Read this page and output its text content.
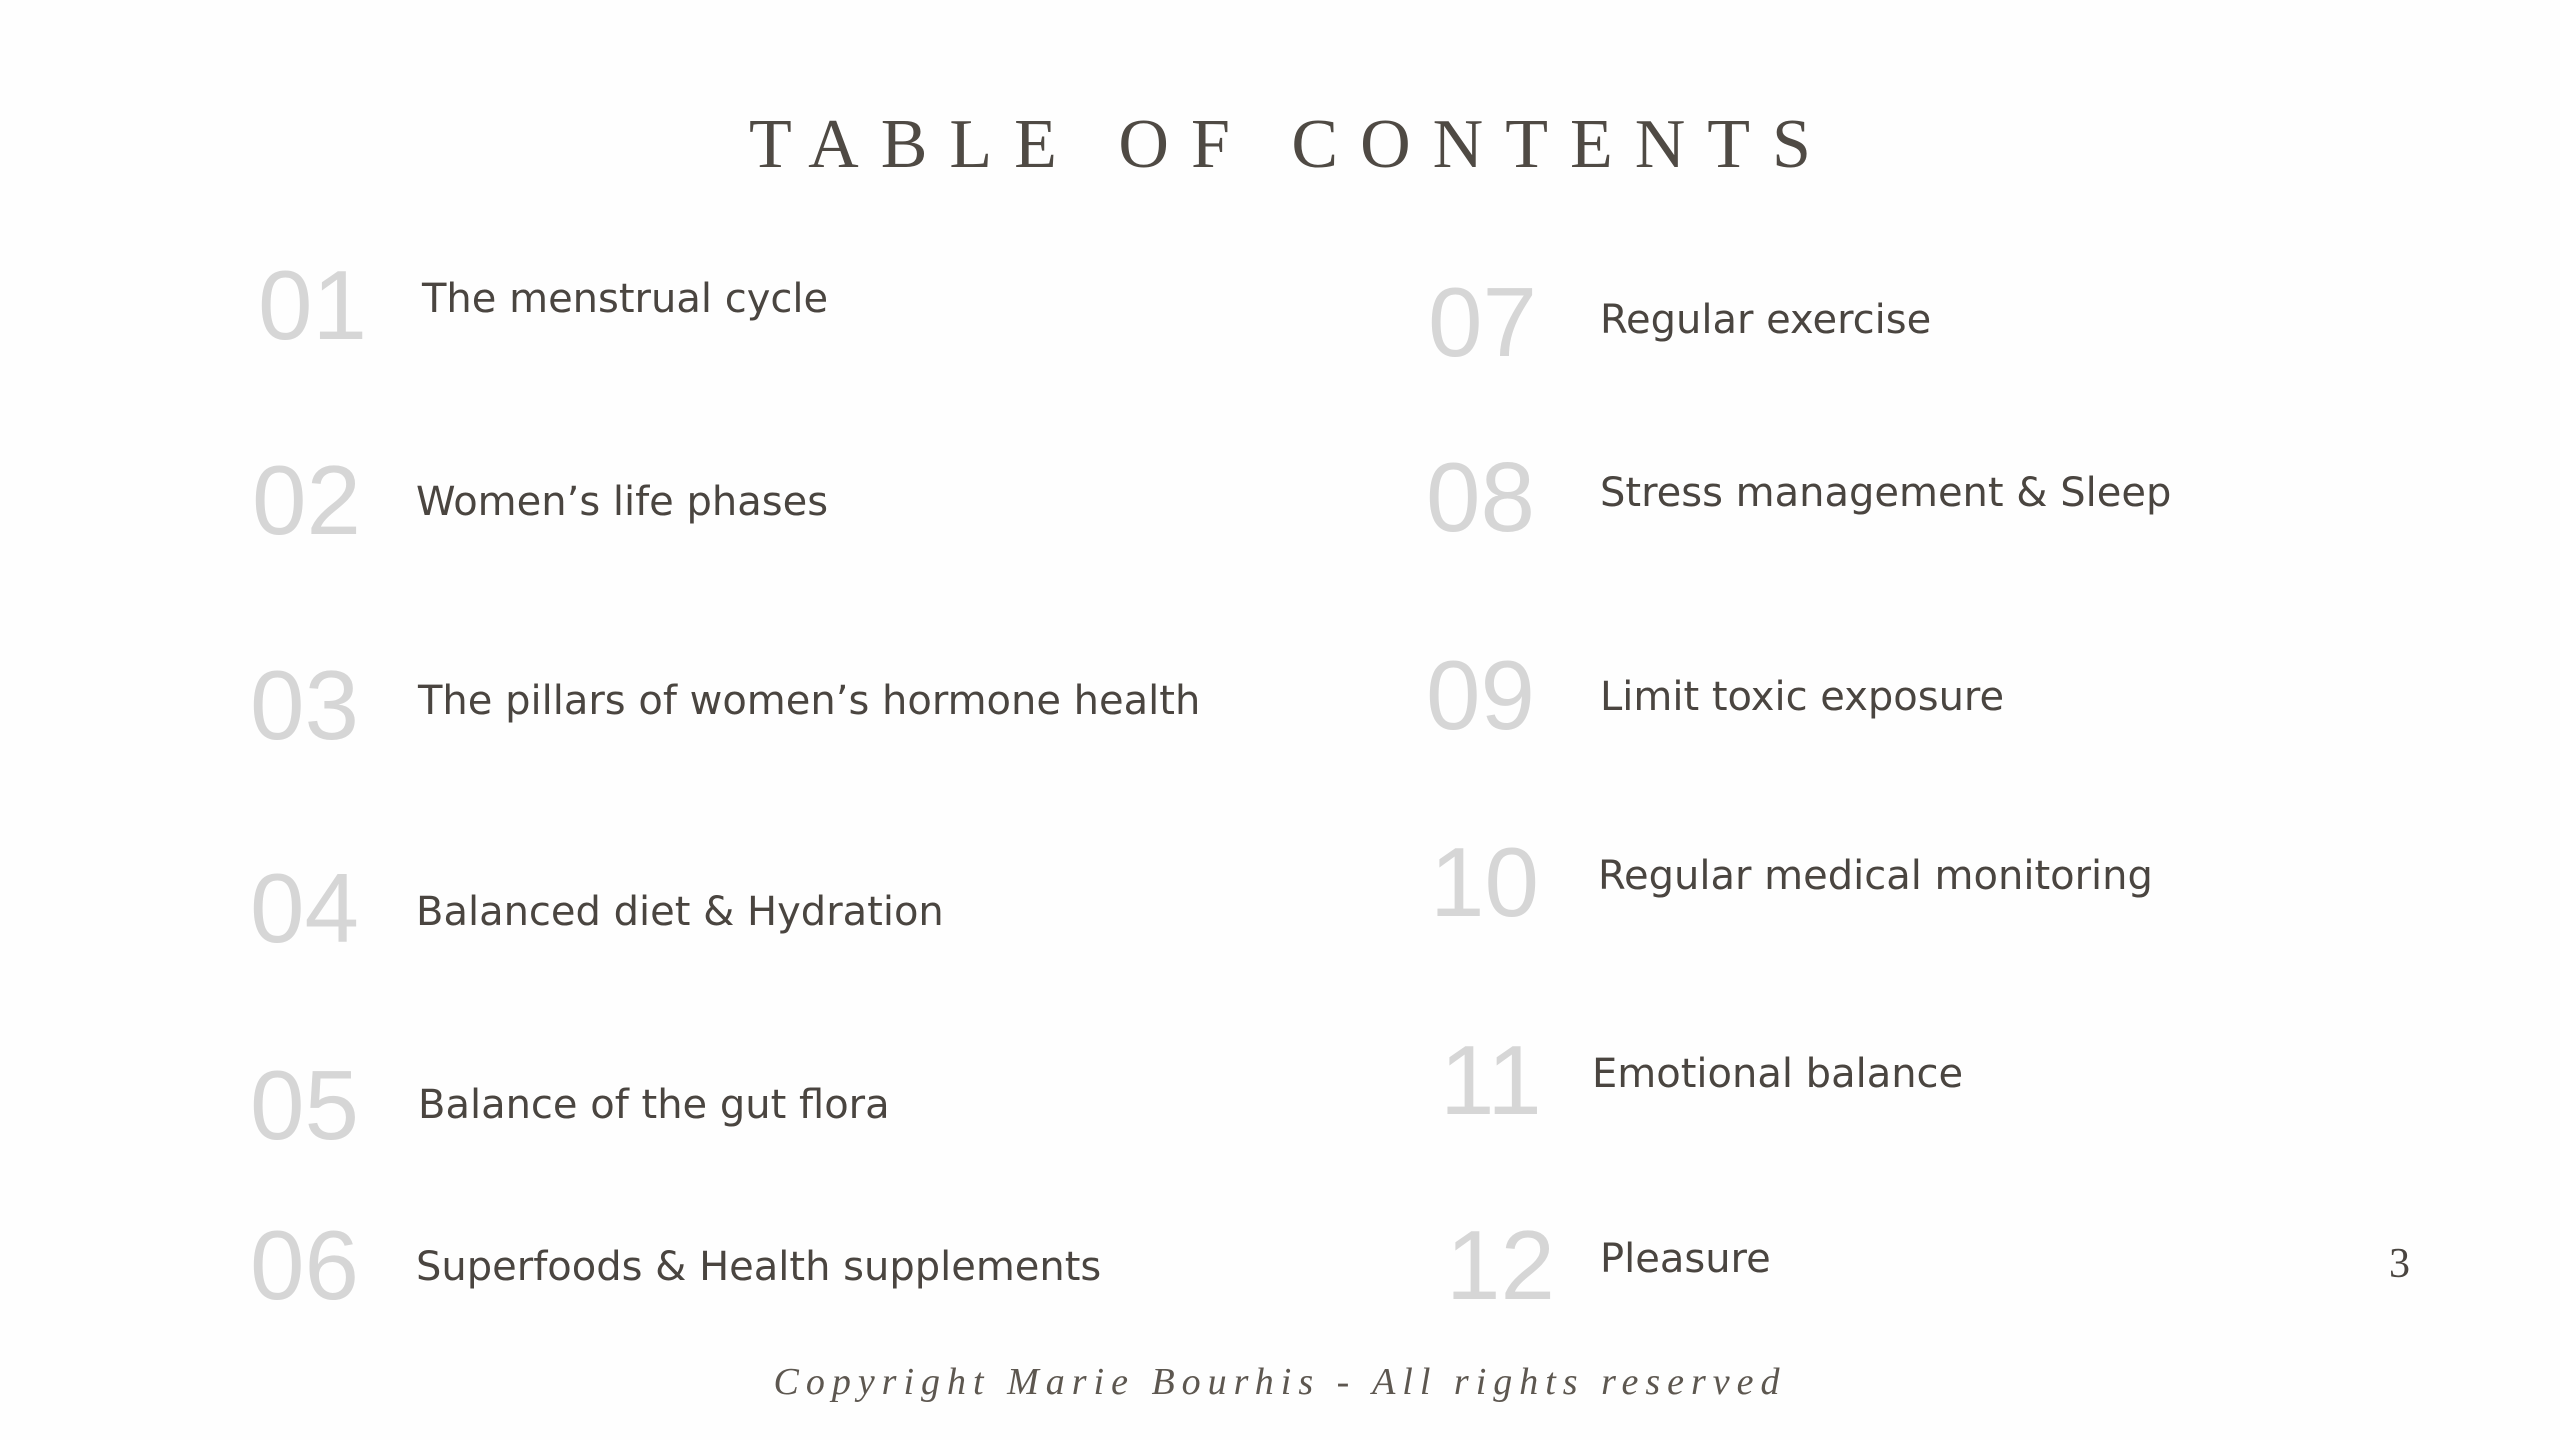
TABLE OF CONTENTS
01 The menstrual cycle
02 Women’s life phases
03 The pillars of women’s hormone health
04 Balanced diet & Hydration
05 Balance of the gut flora
06 Superfoods & Health supplements
07 Regular exercise
08 Stress management & Sleep
09 Limit toxic exposure
10 Regular medical monitoring
11 Emotional balance
12 Pleasure	3
Copyright Marie Bourhis - All rights reserved
